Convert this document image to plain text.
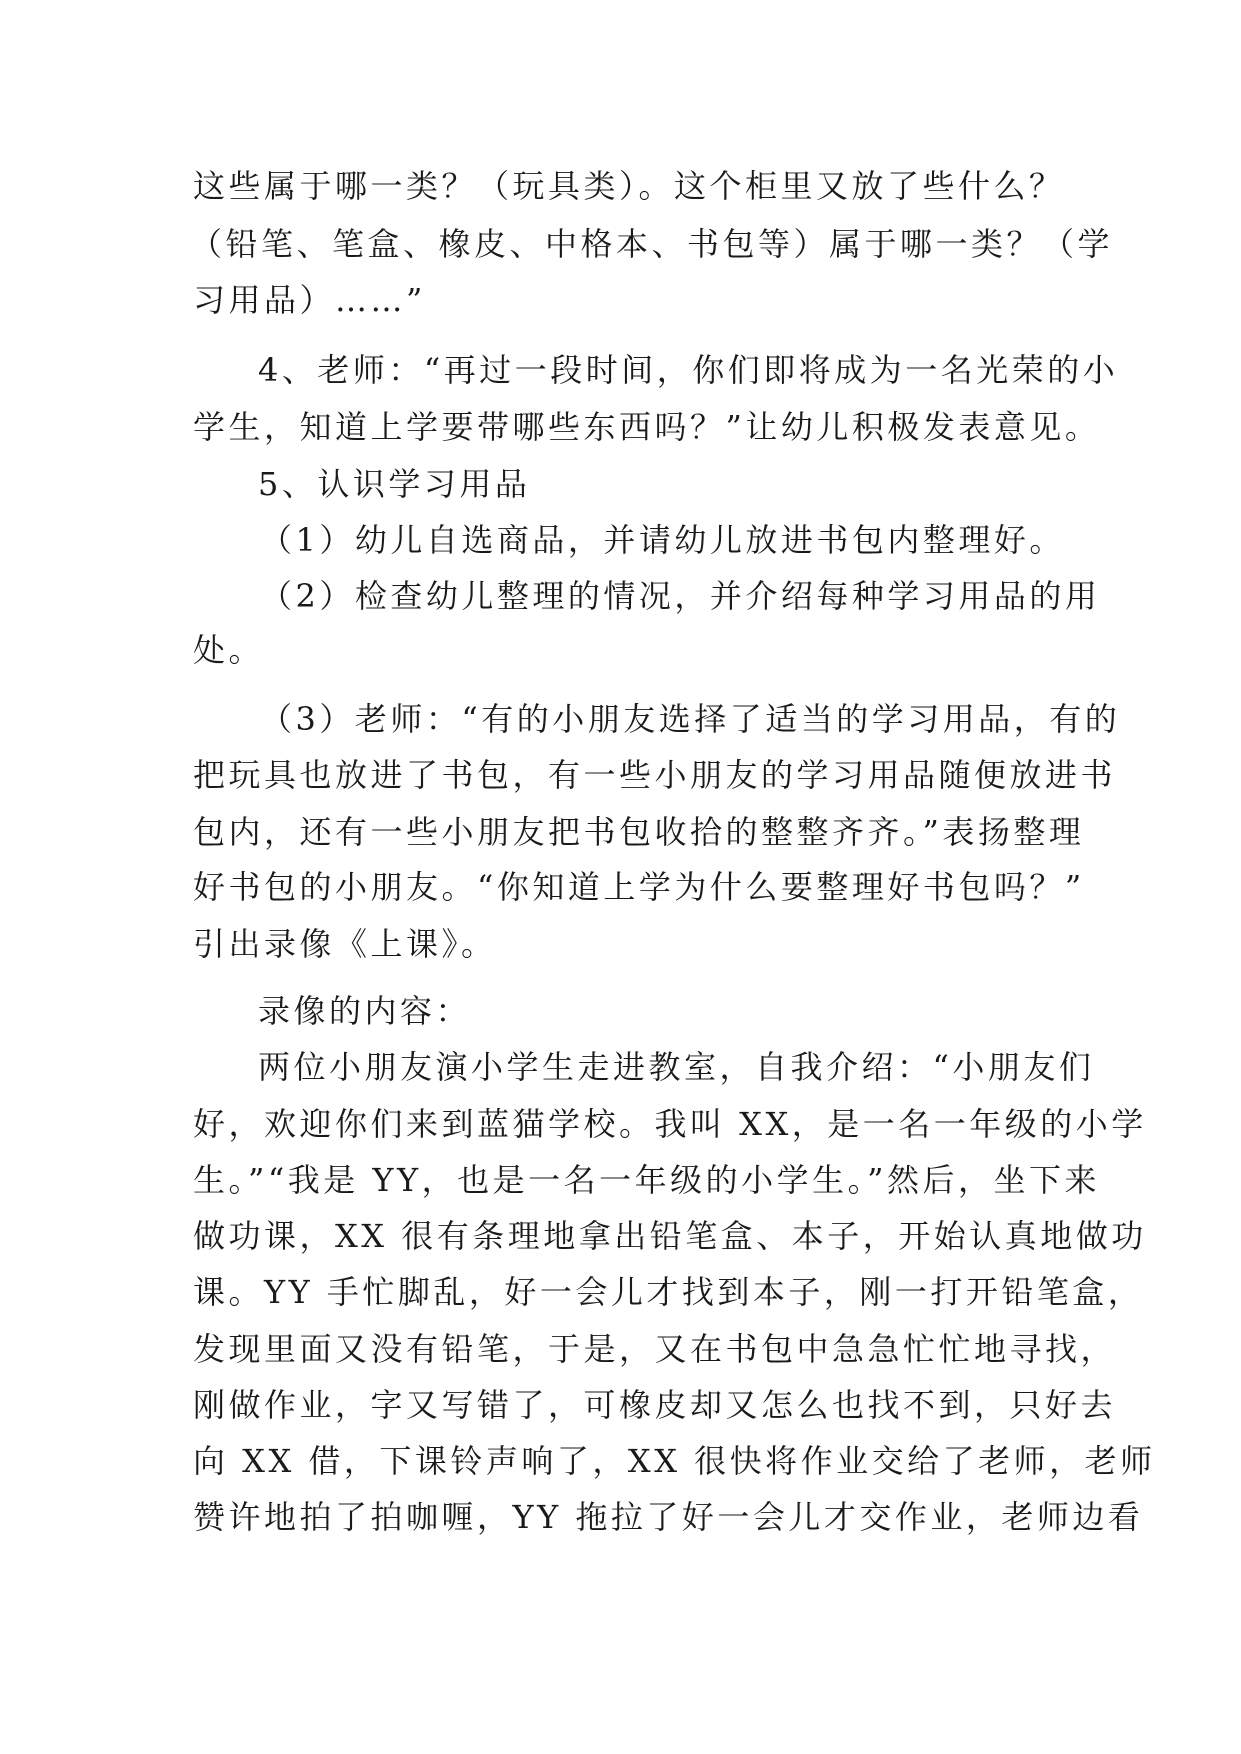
这些属于哪一类？（玩具类）。这个柜里又放了些什么？
（铅笔、笔盒、橡皮、中格本、书包等）属于哪一类？（学
习用品）……”
4、老师：“再过一段时间，你们即将成为一名光荣的小
学生，知道上学要带哪些东西吗？”让幼儿积极发表意见。
5、认识学习用品
（1）幼儿自选商品，并请幼儿放进书包内整理好。
（2）检查幼儿整理的情况，并介绍每种学习用品的用
处。
（3）老师：“有的小朋友选择了适当的学习用品，有的
把玩具也放进了书包，有一些小朋友的学习用品随便放进书
包内，还有一些小朋友把书包收拾的整整齐齐。”表扬整理
好书包的小朋友。“你知道上学为什么要整理好书包吗？”
引出录像《上课》。
录像的内容：
两位小朋友演小学生走进教室，自我介绍：“小朋友们
好，欢迎你们来到蓝猫学校。我叫 XX，是一名一年级的小学
生。”“我是 YY，也是一名一年级的小学生。”然后，坐下来
做功课，XX 很有条理地拿出铅笔盒、本子，开始认真地做功
课。YY 手忙脚乱，好一会儿才找到本子，刚一打开铅笔盒，
发现里面又没有铅笔，于是，又在书包中急急忙忙地寻找，
刚做作业，字又写错了，可橡皮却又怎么也找不到，只好去
向 XX 借，下课铃声响了，XX 很快将作业交给了老师，老师
赞许地拍了拍咖喱，YY 拖拉了好一会儿才交作业，老师边看
